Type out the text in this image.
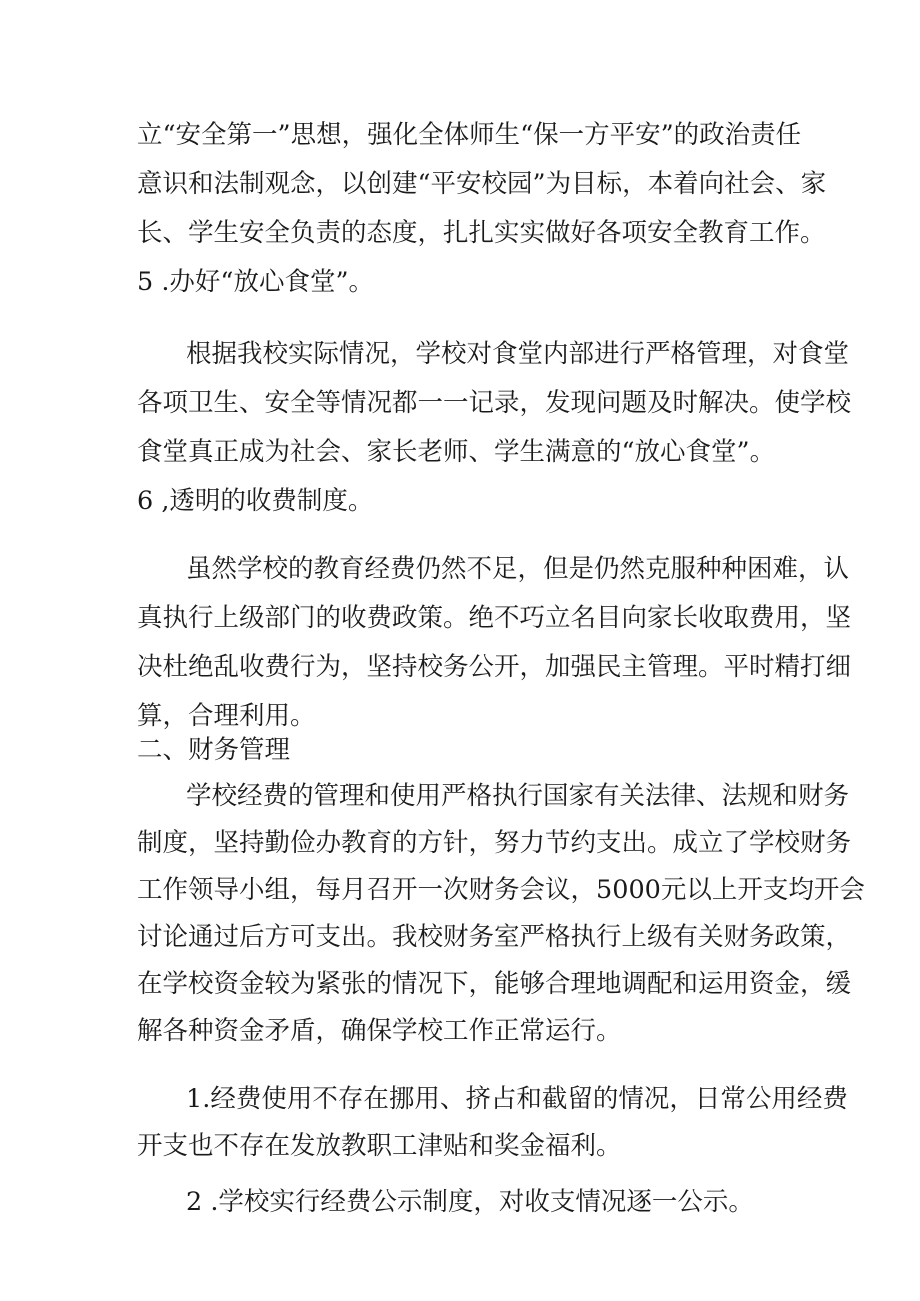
立“安全第一”思想，强化全体师生“保一方平安”的政治责任

意识和法制观念，以创建“平安校园”为目标，本着向社会、家

长、学生安全负责的态度，扎扎实实做好各项安全教育工作。

5 .办好“放心食堂”。

根据我校实际情况，学校对食堂内部进行严格管理，对食堂

各项卫生、安全等情况都一一记录，发现问题及时解决。使学校

食堂真正成为社会、家长老师、学生满意的“放心食堂”。

6 ,透明的收费制度。

虽然学校的教育经费仍然不足，但是仍然克服种种困难，认

真执行上级部门的收费政策。绝不巧立名目向家长收取费用，坚

决杜绝乱收费行为，坚持校务公开，加强民主管理。平时精打细

算，合理利用。

二、财务管理

学校经费的管理和使用严格执行国家有关法律、法规和财务

制度，坚持勤俭办教育的方针，努力节约支出。成立了学校财务

工作领导小组，每月召开一次财务会议，5000元以上开支均开会

讨论通过后方可支出。我校财务室严格执行上级有关财务政策，

在学校资金较为紧张的情况下，能够合理地调配和运用资金，缓

解各种资金矛盾，确保学校工作正常运行。

1.经费使用不存在挪用、挤占和截留的情况，日常公用经费

开支也不存在发放教职工津贴和奖金福利。

2 .学校实行经费公示制度，对收支情况逐一公示。
